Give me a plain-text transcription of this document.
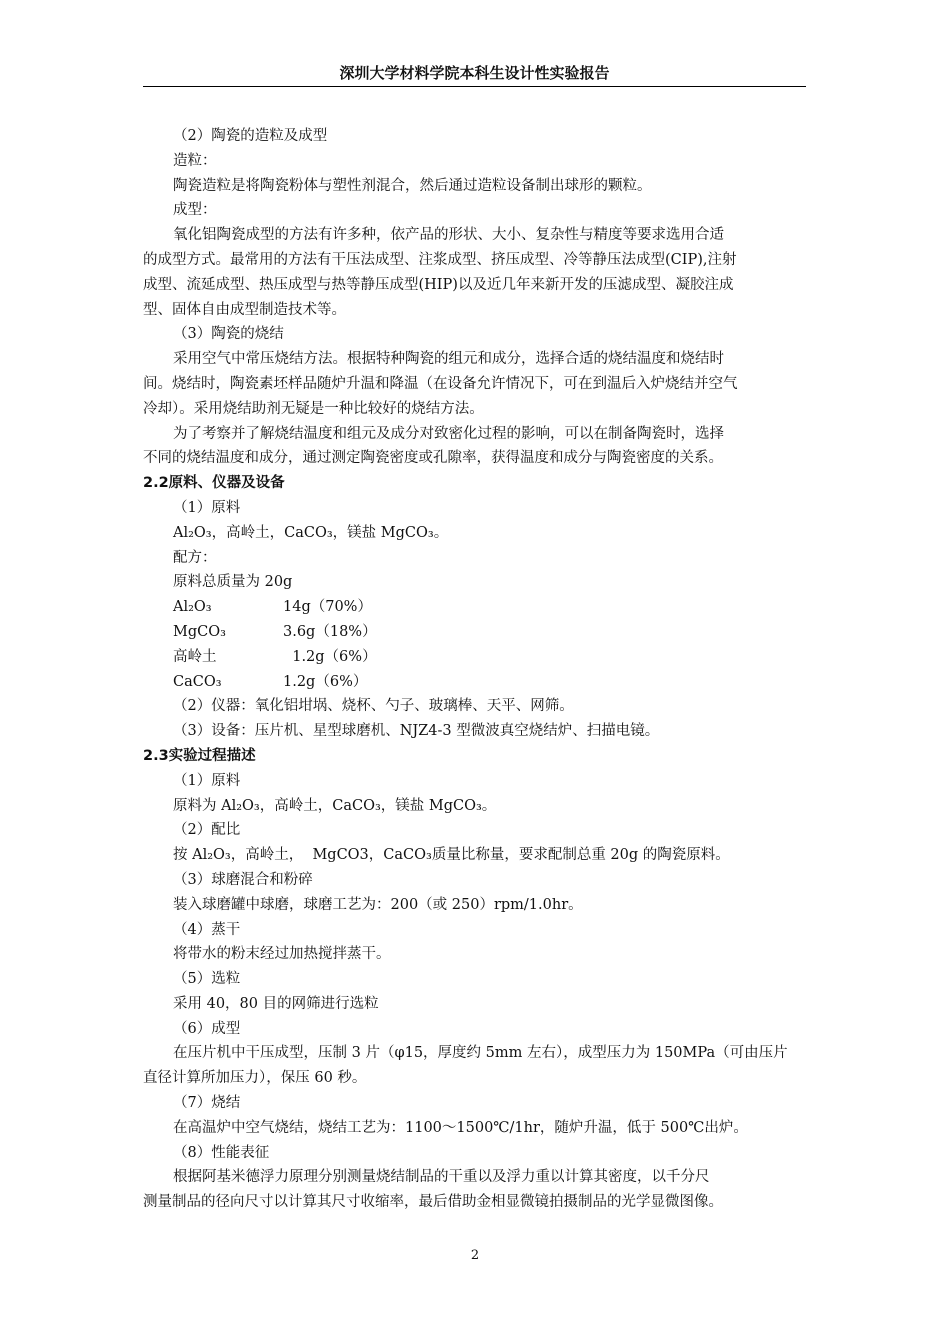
深圳大学材料学院本科生设计性实验报告
（2）陶瓷的造粒及成型
造粒：
陶瓷造粒是将陶瓷粉体与塑性剂混合，然后通过造粒设备制出球形的颗粒。
成型：
氧化铝陶瓷成型的方法有许多种，依产品的形状、大小、复杂性与精度等要求选用合适
的成型方式。最常用的方法有干压法成型、注浆成型、挤压成型、冷等静压法成型(CIP),注射
成型、流延成型、热压成型与热等静压成型(HIP)以及近几年来新开发的压滤成型、凝胶注成
型、固体自由成型制造技术等。
（3）陶瓷的烧结
采用空气中常压烧结方法。根据特种陶瓷的组元和成分，选择合适的烧结温度和烧结时
间。烧结时，陶瓷素坯样品随炉升温和降温（在设备允许情况下，可在到温后入炉烧结并空气
冷却）。采用烧结助剂无疑是一种比较好的烧结方法。
为了考察并了解烧结温度和组元及成分对致密化过程的影响，可以在制备陶瓷时，选择
不同的烧结温度和成分，通过测定陶瓷密度或孔隙率，获得温度和成分与陶瓷密度的关系。
2.2原料、仪器及设备
（1）原料
Al₂O₃，高岭土，CaCO₃，镁盐 MgCO₃。
配方：
原料总质量为 20g
Al₂O₃	14g（70%）
MgCO₃	3.6g（18%）
高岭土	1.2g（6%）
CaCO₃	1.2g（6%）
（2）仪器：氧化铝坩埚、烧杯、勺子、玻璃棒、天平、网筛。
（3）设备：压片机、星型球磨机、NJZ4-3 型微波真空烧结炉、扫描电镜。
2.3实验过程描述
（1）原料
原料为 Al₂O₃，高岭土，CaCO₃，镁盐 MgCO₃。
（2）配比
按 Al₂O₃，高岭土，  MgCO3，CaCO₃质量比称量，要求配制总重 20g 的陶瓷原料。
（3）球磨混合和粉碎
装入球磨罐中球磨，球磨工艺为：200（或 250）rpm/1.0hr。
（4）蒸干
将带水的粉末经过加热搅拌蒸干。
（5）选粒
采用 40，80 目的网筛进行选粒
（6）成型
在压片机中干压成型，压制 3 片（φ15，厚度约 5mm 左右），成型压力为 150MPa（可由压片
直径计算所加压力），保压 60 秒。
（7）烧结
在高温炉中空气烧结，烧结工艺为：1100～1500℃/1hr，随炉升温，低于 500℃出炉。
（8）性能表征
根据阿基米德浮力原理分别测量烧结制品的干重以及浮力重以计算其密度，以千分尺
测量制品的径向尺寸以计算其尺寸收缩率，最后借助金相显微镜拍摄制品的光学显微图像。
2
